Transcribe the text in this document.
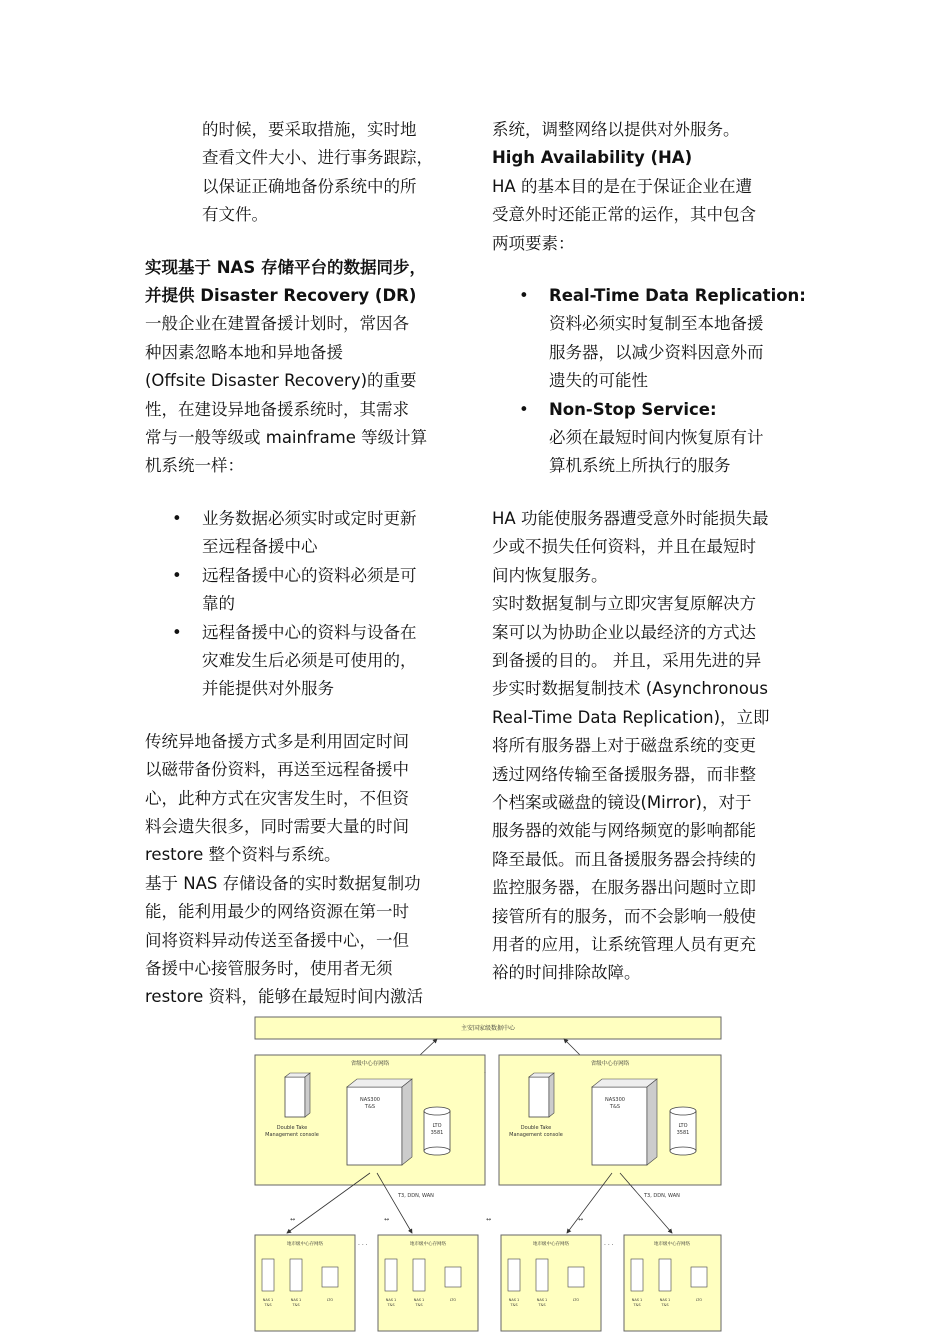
的时候，要采取措施，实时地

查看文件大小、进行事务跟踪，

以保证正确地备份系统中的所

有文件。

实现基于 NAS 存储平台的数据同步，

并提供 Disaster Recovery (DR)

一般企业在建置备援计划时，常因各

种因素忽略本地和异地备援

(Offsite Disaster Recovery)的重要

性，在建设异地备援系统时，其需求

常与一般等级或 mainframe 等级计算

机系统一样：

• 业务数据必须实时或定时更新

至远程备援中心

• 远程备援中心的资料必须是可

靠的

• 远程备援中心的资料与设备在

灾难发生后必须是可使用的，

并能提供对外服务

传统异地备援方式多是利用固定时间

以磁带备份资料，再送至远程备援中

心，此种方式在灾害发生时，不但资

料会遗失很多，同时需要大量的时间

restore 整个资料与系统。

基于 NAS 存储设备的实时数据复制功

能，能利用最少的网络资源在第一时

间将资料异动传送至备援中心，一但

备援中心接管服务时，使用者无须

restore 资料，能够在最短时间内激活

系统，调整网络以提供对外服务。

High Availability (HA)

HA 的基本目的是在于保证企业在遭

受意外时还能正常的运作，其中包含

两项要素：

• Real-Time Data Replication:

资料必须实时复制至本地备援

服务器，以减少资料因意外而

遗失的可能性

• Non-Stop Service:

必须在最短时间内恢复原有计

算机系统上所执行的服务

HA 功能使服务器遭受意外时能损失最

少或不损失任何资料，并且在最短时

间内恢复服务。

实时数据复制与立即灾害复原解决方

案可以为协助企业以最经济的方式达

到备援的目的。 并且，采用先进的异

步实时数据复制技术 (Asynchronous

Real-Time Data Replication)，立即

将所有服务器上对于磁盘系统的变更

透过网络传输至备援服务器，而非整

个档案或磁盘的镜设(Mirror)，对于

服务器的效能与网络频宽的影响都能

降至最低。而且备援服务器会持续的

监控服务器，在服务器出问题时立即

接管所有的服务，而不会影响一般使

用者的应用，让系统管理人员有更充

裕的时间排除故障。

主安国家级数据中心
省级中心存网络
Double Take
Management console
NAS300
T&S
LTO
3581
省级中心存网络
Double Take
Management console
NAS300
T&S
LTO
3581
T3, DDN, WAN	T3, DDN, WAN
↔	↔	↔	↔
·
地市级中心存网络
NAS 1	NAS 1	LTO
T&S	T&S
· · ·	地市级中心存网络
NAS 1	NAS 1	LTO
T&S	T&S
地市级中心存网络
NAS 1	NAS 1	LTO
T&S	T&S
· · ·	地市级中心存网络
NAS 1	NAS 1	LTO
T&S	T&S
